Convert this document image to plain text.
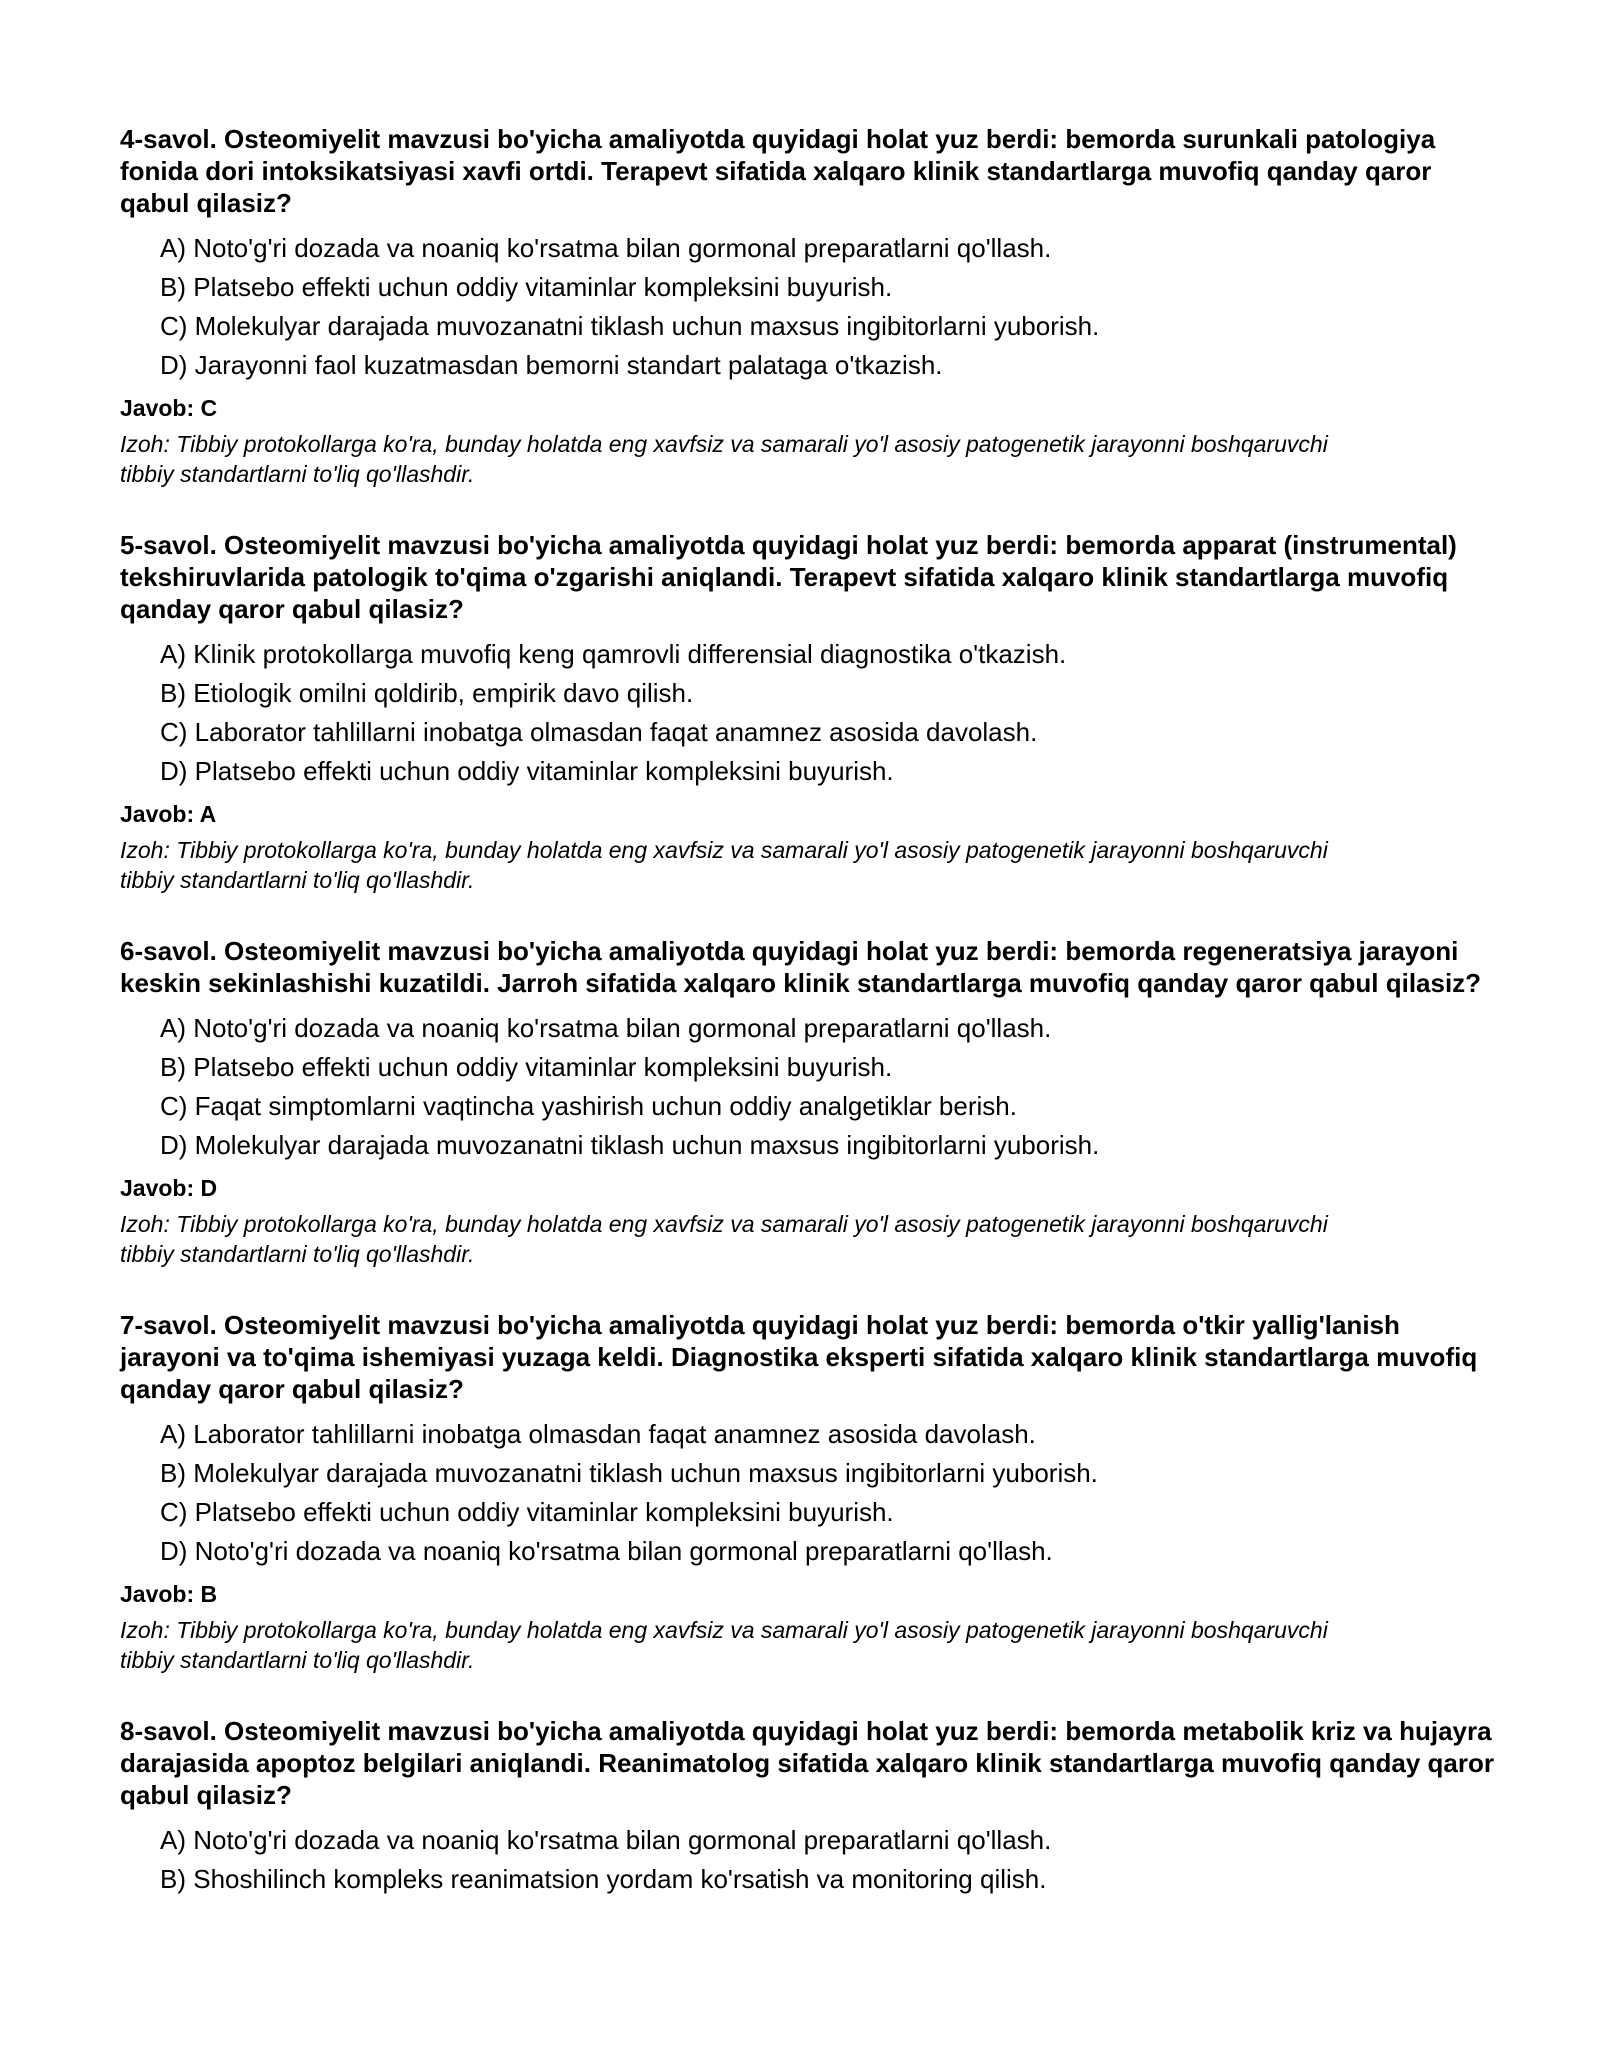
4-savol. Osteomiyelit mavzusi bo'yicha amaliyotda quyidagi holat yuz berdi: bemorda surunkali patologiya fonida dori intoksikatsiyasi xavfi ortdi. Terapevt sifatida xalqaro klinik standartlarga muvofiq qanday qaror qabul qilasiz?
A) Noto'g'ri dozada va noaniq ko'rsatma bilan gormonal preparatlarni qo'llash.
B) Platsebo effekti uchun oddiy vitaminlar kompleksini buyurish.
C) Molekulyar darajada muvozanatni tiklash uchun maxsus ingibitorlarni yuborish.
D) Jarayonni faol kuzatmasdan bemorni standart palataga o'tkazish.
Javob: C
Izoh: Tibbiy protokollarga ko'ra, bunday holatda eng xavfsiz va samarali yo'l asosiy patogenetik jarayonni boshqaruvchi tibbiy standartlarni to'liq qo'llashdir.
5-savol. Osteomiyelit mavzusi bo'yicha amaliyotda quyidagi holat yuz berdi: bemorda apparat (instrumental) tekshiruvlarida patologik to'qima o'zgarishi aniqlandi. Terapevt sifatida xalqaro klinik standartlarga muvofiq qanday qaror qabul qilasiz?
A) Klinik protokollarga muvofiq keng qamrovli differensial diagnostika o'tkazish.
B) Etiologik omilni qoldirib, empirik davo qilish.
C) Laborator tahlillarni inobatga olmasdan faqat anamnez asosida davolash.
D) Platsebo effekti uchun oddiy vitaminlar kompleksini buyurish.
Javob: A
Izoh: Tibbiy protokollarga ko'ra, bunday holatda eng xavfsiz va samarali yo'l asosiy patogenetik jarayonni boshqaruvchi tibbiy standartlarni to'liq qo'llashdir.
6-savol. Osteomiyelit mavzusi bo'yicha amaliyotda quyidagi holat yuz berdi: bemorda regeneratsiya jarayoni keskin sekinlashishi kuzatildi. Jarroh sifatida xalqaro klinik standartlarga muvofiq qanday qaror qabul qilasiz?
A) Noto'g'ri dozada va noaniq ko'rsatma bilan gormonal preparatlarni qo'llash.
B) Platsebo effekti uchun oddiy vitaminlar kompleksini buyurish.
C) Faqat simptomlarni vaqtincha yashirish uchun oddiy analgetiklar berish.
D) Molekulyar darajada muvozanatni tiklash uchun maxsus ingibitorlarni yuborish.
Javob: D
Izoh: Tibbiy protokollarga ko'ra, bunday holatda eng xavfsiz va samarali yo'l asosiy patogenetik jarayonni boshqaruvchi tibbiy standartlarni to'liq qo'llashdir.
7-savol. Osteomiyelit mavzusi bo'yicha amaliyotda quyidagi holat yuz berdi: bemorda o'tkir yallig'lanish jarayoni va to'qima ishemiyasi yuzaga keldi. Diagnostika eksperti sifatida xalqaro klinik standartlarga muvofiq qanday qaror qabul qilasiz?
A) Laborator tahlillarni inobatga olmasdan faqat anamnez asosida davolash.
B) Molekulyar darajada muvozanatni tiklash uchun maxsus ingibitorlarni yuborish.
C) Platsebo effekti uchun oddiy vitaminlar kompleksini buyurish.
D) Noto'g'ri dozada va noaniq ko'rsatma bilan gormonal preparatlarni qo'llash.
Javob: B
Izoh: Tibbiy protokollarga ko'ra, bunday holatda eng xavfsiz va samarali yo'l asosiy patogenetik jarayonni boshqaruvchi tibbiy standartlarni to'liq qo'llashdir.
8-savol. Osteomiyelit mavzusi bo'yicha amaliyotda quyidagi holat yuz berdi: bemorda metabolik kriz va hujayra darajasida apoptoz belgilari aniqlandi. Reanimatolog sifatida xalqaro klinik standartlarga muvofiq qanday qaror qabul qilasiz?
A) Noto'g'ri dozada va noaniq ko'rsatma bilan gormonal preparatlarni qo'llash.
B) Shoshilinch kompleks reanimatsion yordam ko'rsatish va monitoring qilish.
